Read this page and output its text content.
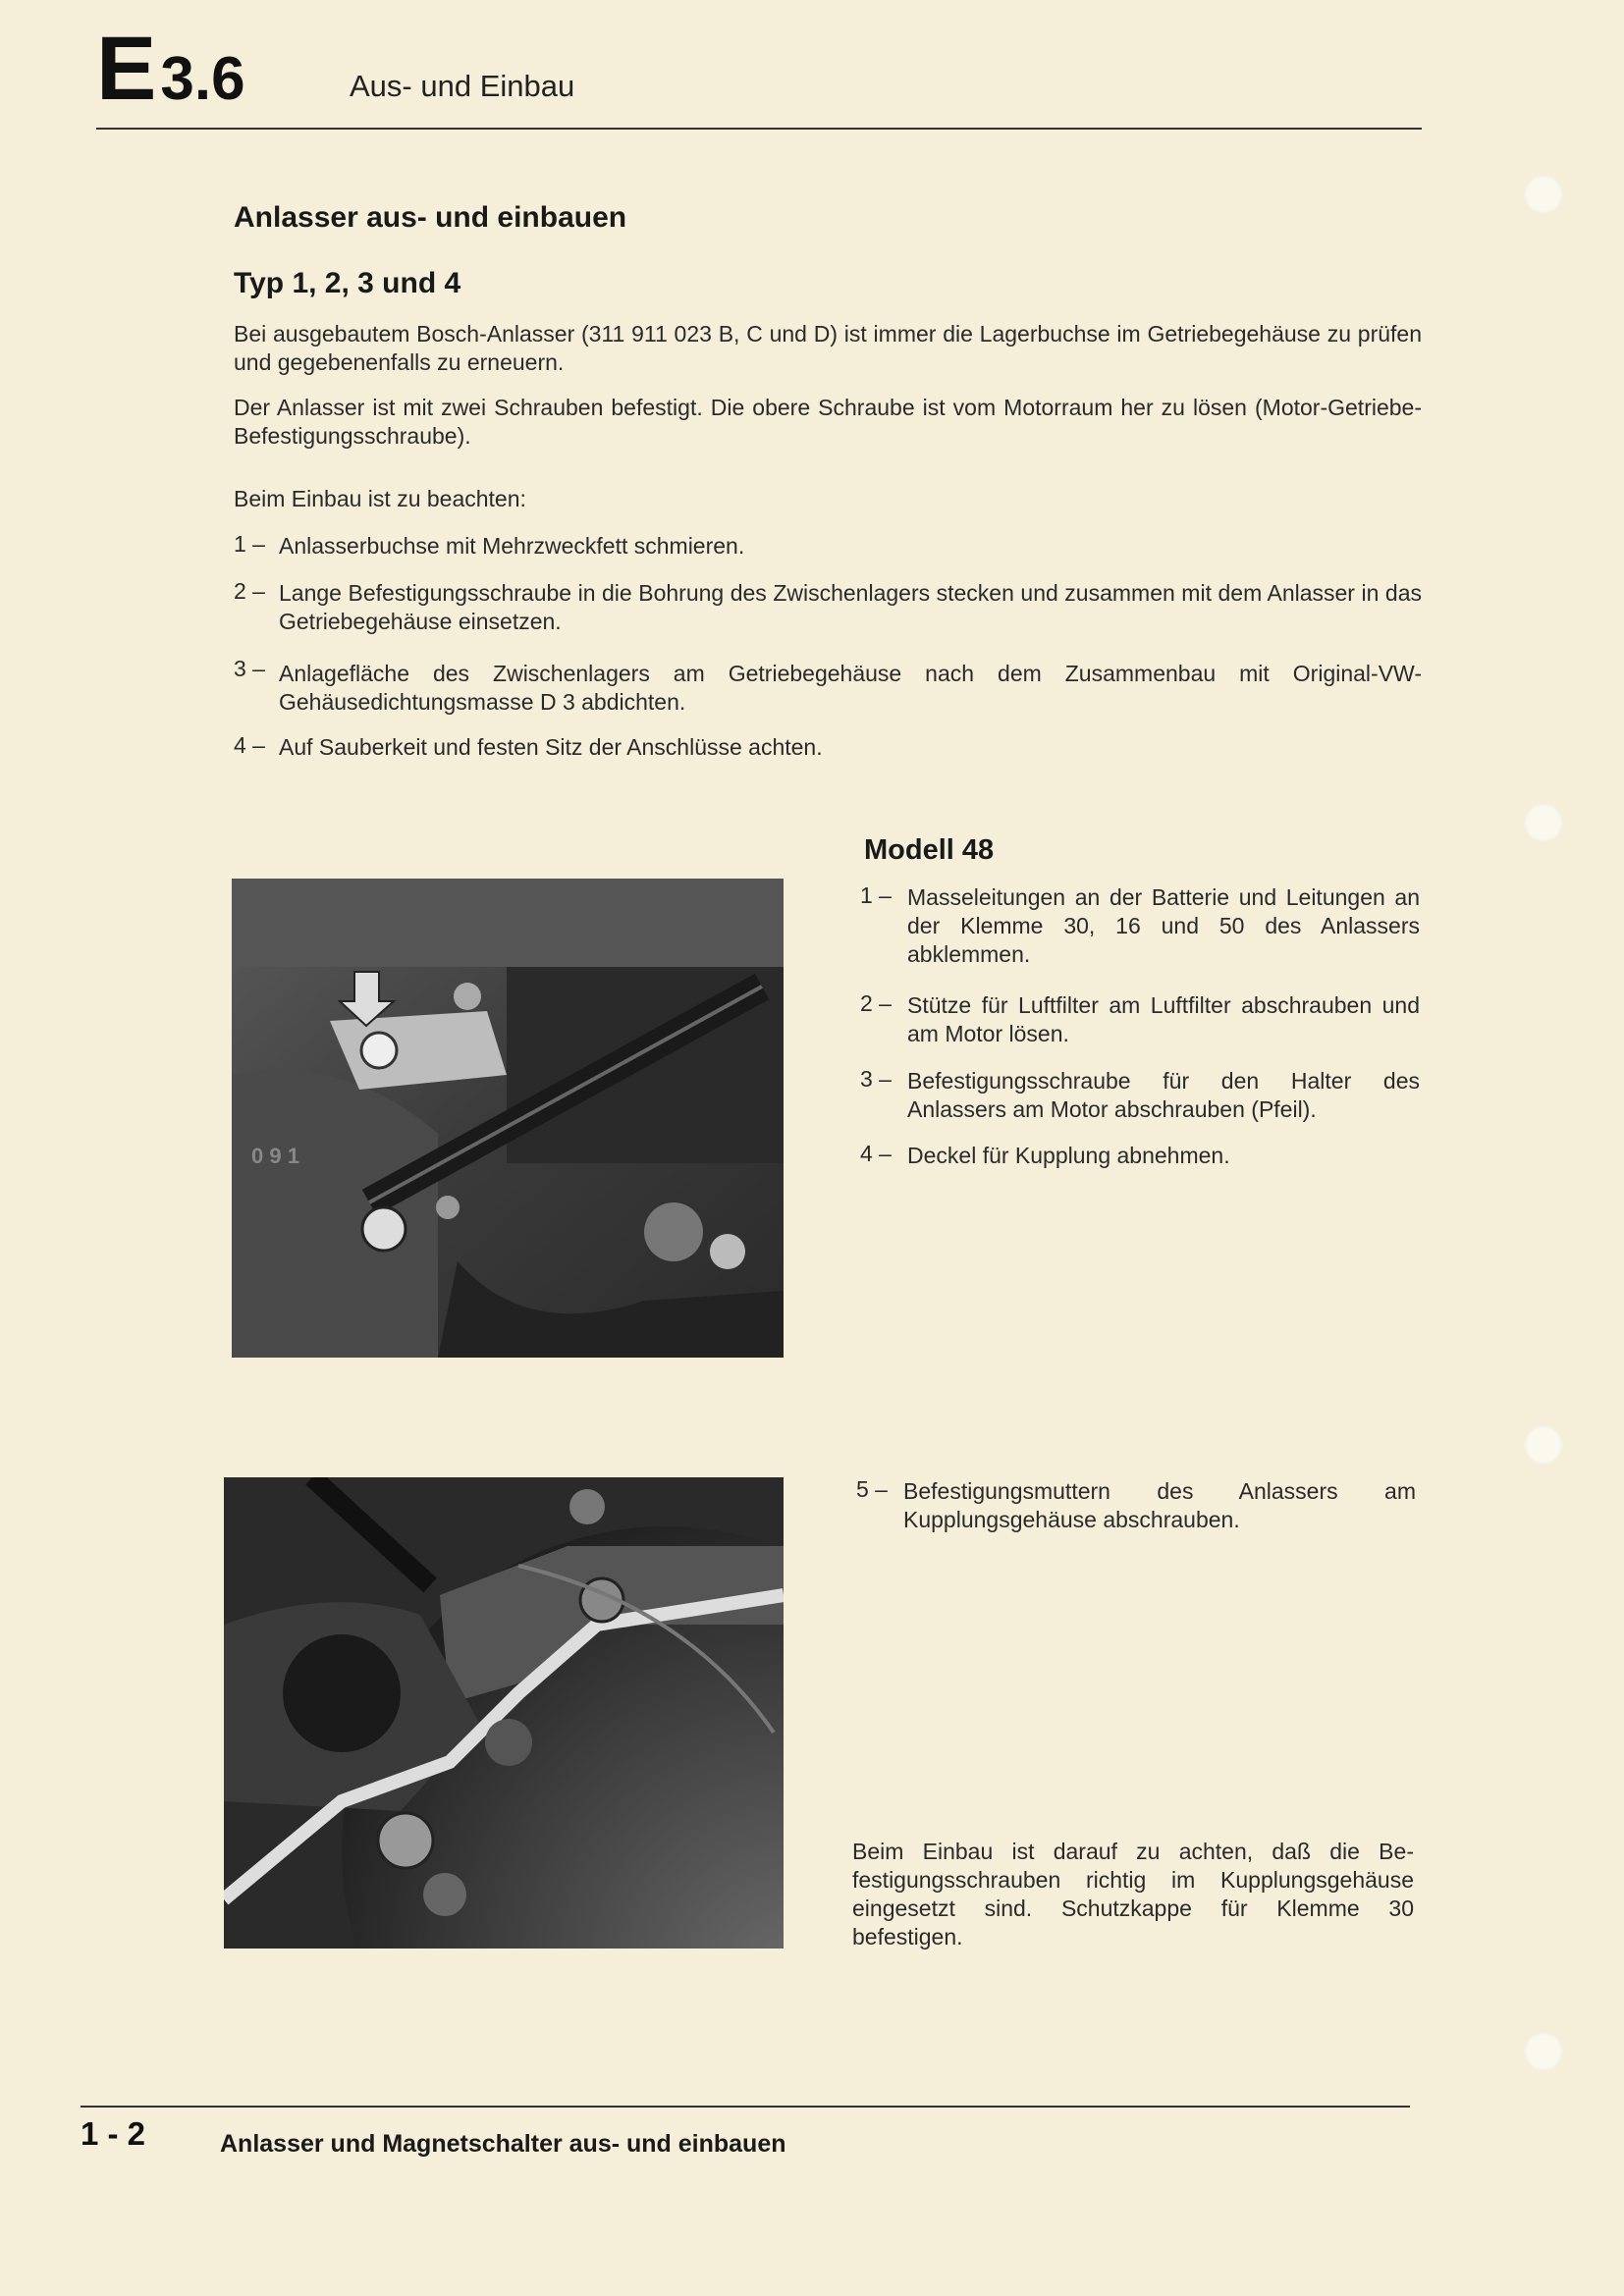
E3.6	Aus- und Einbau
Anlasser aus- und einbauen
Typ 1, 2, 3 und 4

Bei ausgebautem Bosch-Anlasser (311 911 023 B, C und D) ist immer die Lagerbuchse im Getriebegehäuse zu prüfen und gegebenenfalls zu erneuern.

Der Anlasser ist mit zwei Schrauben befestigt. Die obere Schraube ist vom Motorraum her zu lösen (Motor-Getriebe-Befestigungsschraube).

Beim Einbau ist zu beachten:

1 – Anlasserbuchse mit Mehrzweckfett schmieren.

2 – Lange Befestigungsschraube in die Bohrung des Zwischenlagers stecken und zusammen mit dem Anlasser in das Getriebegehäuse einsetzen.

3 – Anlagefläche des Zwischenlagers am Getriebegehäuse nach dem Zusammenbau mit Original-VW-Gehäusedichtungsmasse D 3 abdichten.

4 – Auf Sauberkeit und festen Sitz der Anschlüsse achten.

0 9 1
Modell 48
1 – Masseleitungen an der Batterie und Leitungen an der Klemme 30, 16 und 50 des Anlassers abklemmen.

2 – Stütze für Luftfilter am Luftfilter abschrauben und am Motor lösen.

3 – Befestigungsschraube für den Halter des Anlassers am Motor abschrauben (Pfeil).

4 – Deckel für Kupplung abnehmen.

5 – Befestigungsmuttern des Anlassers am Kupplungsgehäuse abschrauben.

Beim Einbau ist darauf zu achten, daß die Befestigungsschrauben richtig im Kupplungsgehäuse eingesetzt sind. Schutzkappe für Klemme 30 befestigen.

1 - 2	Anlasser und Magnetschalter aus- und einbauen
